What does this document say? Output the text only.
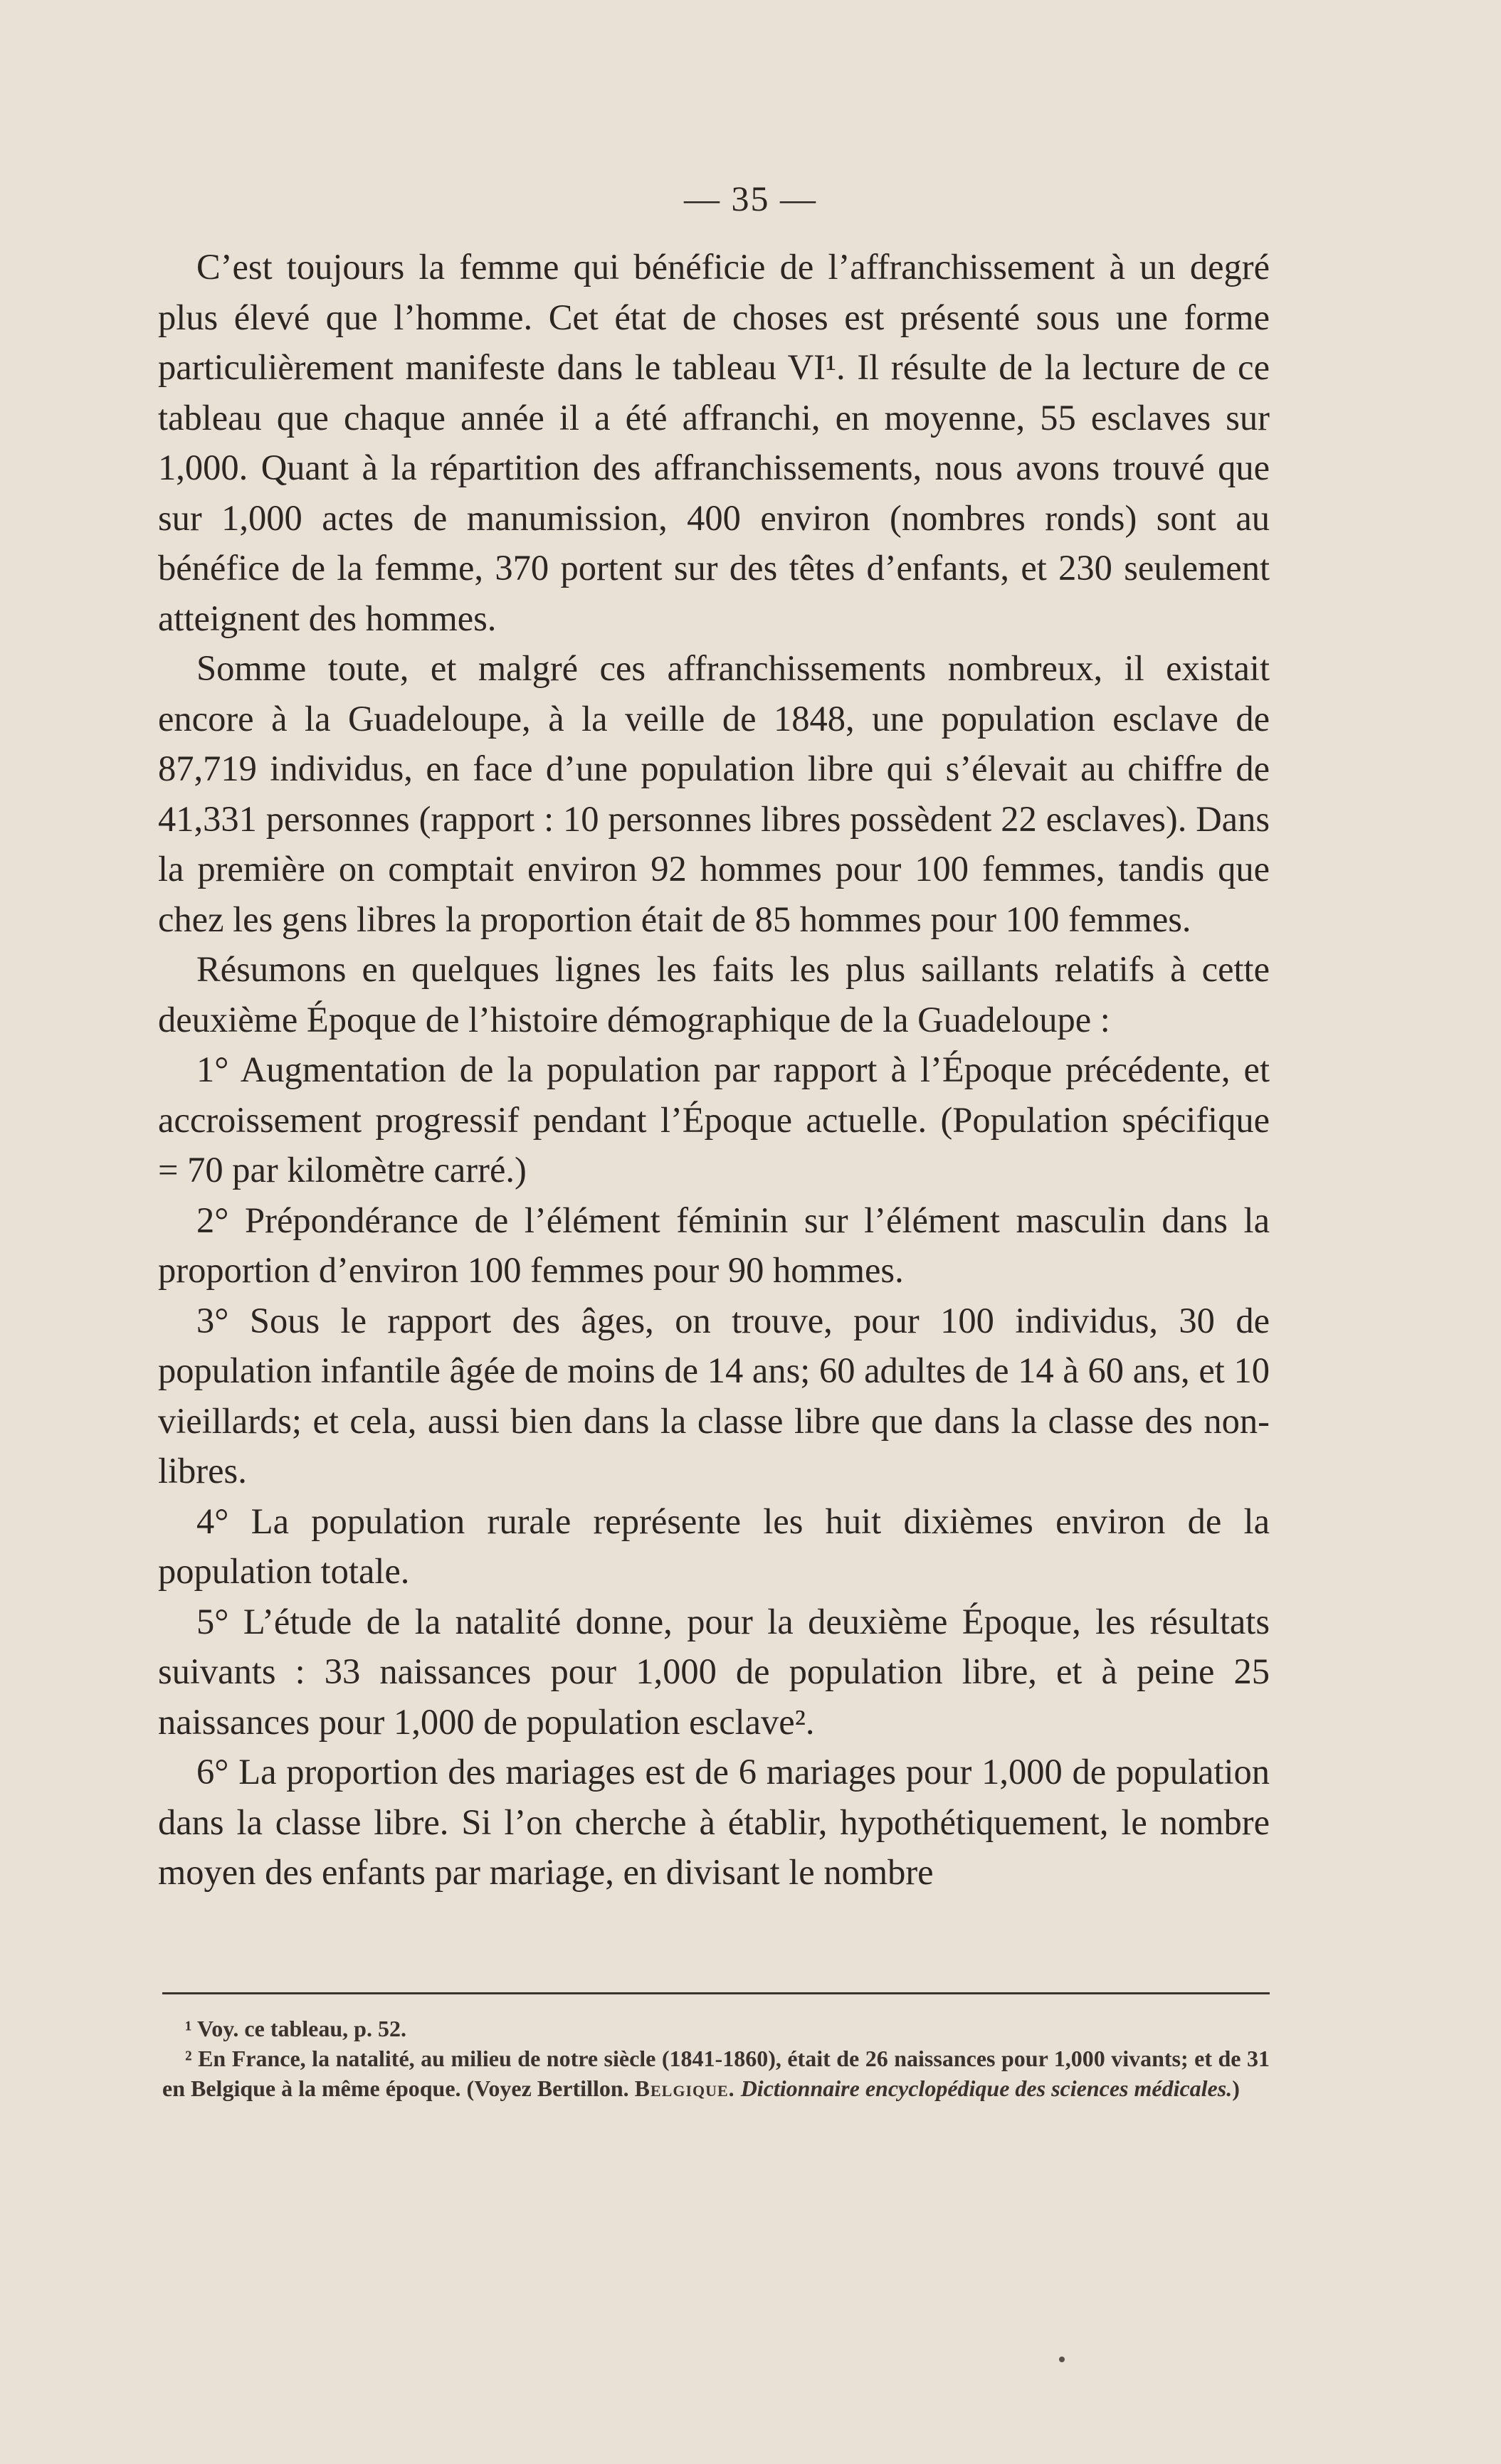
— 35 —

C’est toujours la femme qui bénéficie de l’affranchissement à un degré plus élevé que l’homme. Cet état de choses est présenté sous une forme particulièrement manifeste dans le tableau VI¹. Il résulte de la lecture de ce tableau que chaque année il a été affranchi, en moyenne, 55 esclaves sur 1,000. Quant à la répartition des affranchissements, nous avons trouvé que sur 1,000 actes de manumission, 400 environ (nombres ronds) sont au bénéfice de la femme, 370 portent sur des têtes d’enfants, et 230 seulement atteignent des hommes.

Somme toute, et malgré ces affranchissements nombreux, il existait encore à la Guadeloupe, à la veille de 1848, une population esclave de 87,719 individus, en face d’une population libre qui s’élevait au chiffre de 41,331 personnes (rapport : 10 personnes libres possèdent 22 esclaves). Dans la première on comptait environ 92 hommes pour 100 femmes, tandis que chez les gens libres la proportion était de 85 hommes pour 100 femmes.

Résumons en quelques lignes les faits les plus saillants relatifs à cette deuxième Époque de l’histoire démographique de la Guadeloupe :

1° Augmentation de la population par rapport à l’Époque précédente, et accroissement progressif pendant l’Époque actuelle. (Population spécifique = 70 par kilomètre carré.)

2° Prépondérance de l’élément féminin sur l’élément masculin dans la proportion d’environ 100 femmes pour 90 hommes.

3° Sous le rapport des âges, on trouve, pour 100 individus, 30 de population infantile âgée de moins de 14 ans; 60 adultes de 14 à 60 ans, et 10 vieillards; et cela, aussi bien dans la classe libre que dans la classe des non-libres.

4° La population rurale représente les huit dixièmes environ de la population totale.

5° L’étude de la natalité donne, pour la deuxième Époque, les résultats suivants : 33 naissances pour 1,000 de population libre, et à peine 25 naissances pour 1,000 de population esclave².

6° La proportion des mariages est de 6 mariages pour 1,000 de population dans la classe libre. Si l’on cherche à établir, hypothétiquement, le nombre moyen des enfants par mariage, en divisant le nombre

¹ Voy. ce tableau, p. 52.

² En France, la natalité, au milieu de notre siècle (1841-1860), était de 26 naissances pour 1,000 vivants; et de 31 en Belgique à la même époque. (Voyez Bertillon. Belgique. Dictionnaire encyclopédique des sciences médicales.)
